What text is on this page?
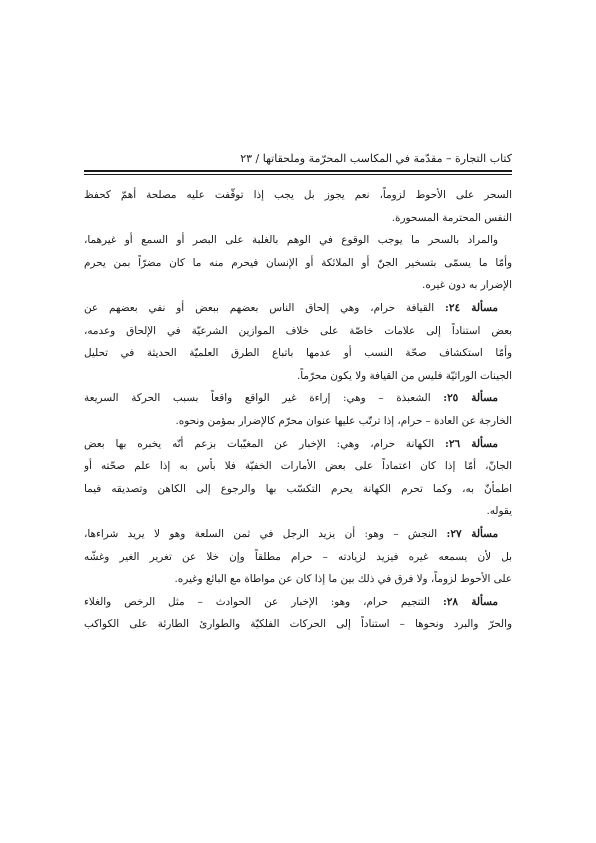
كتاب التجارة – مقدّمة في المكاسب المحرّمة وملحقاتها / ٢٣

السحر على الأحوط لزوماً، نعم يجوز بل يجب إذا توقّفت عليه مصلحة أهمّ كحفظ
النفس المحترمة المسحورة.

والمراد بالسحر ما يوجب الوقوع في الوهم بالغلبة على البصر أو السمع أو غيرهما،
وأمّا ما يسمّى بتسخير الجنّ أو الملائكة أو الإنسان فيحرم منه ما كان مضرّاً بمن يحرم
الإضرار به دون غيره.

مسألة ٢٤: القيافة حرام، وهي إلحاق الناس بعضهم ببعض أو نفي بعضهم عن
بعض استناداً إلى علامات خاصّة على خلاف الموازين الشرعيّة في الإلحاق وعدمه،
وأمّا استكشاف صحّة النسب أو عدمها باتباع الطرق العلميّة الحديثة في تحليل
الجينات الوراثيّة فليس من القيافة ولا يكون محرّماً.

مسألة ٢٥: الشعبذة – وهي: إراءة غير الواقع واقعاً بسبب الحركة السريعة
الخارجة عن العادة – حرام، إذا ترتّب عليها عنوان محرّم كالإضرار بمؤمن ونحوه.

مسألة ٢٦: الكهانة حرام، وهي: الإخبار عن المغيّبات بزعم أنّه يخبره بها بعض
الجانّ، أمّا إذا كان اعتماداً على بعض الأمارات الخفيّة فلا بأس به إذا علم صحّته أو
اطمأنّ به، وكما تحرم الكهانة يحرم التكسّب بها والرجوع إلى الكاهن وتصديقه فيما
يقوله.

مسألة ٢٧: النجش – وهو: أن يزيد الرجل في ثمن السلعة وهو لا يريد شراءها،
بل لأن يسمعه غيره فيزيد لزيادته – حرام مطلقاً وإن خلا عن تغرير الغير وغشّه
على الأحوط لزوماً، ولا فرق في ذلك بين ما إذا كان عن مواطاة مع البائع وغيره.

مسألة ٢٨: التنجيم حرام، وهو: الإخبار عن الحوادث – مثل الرخص والغلاء
والحرّ والبرد ونحوها – استناداً إلى الحركات الفلكيّة والطوارئ الطارئة على الكواكب
